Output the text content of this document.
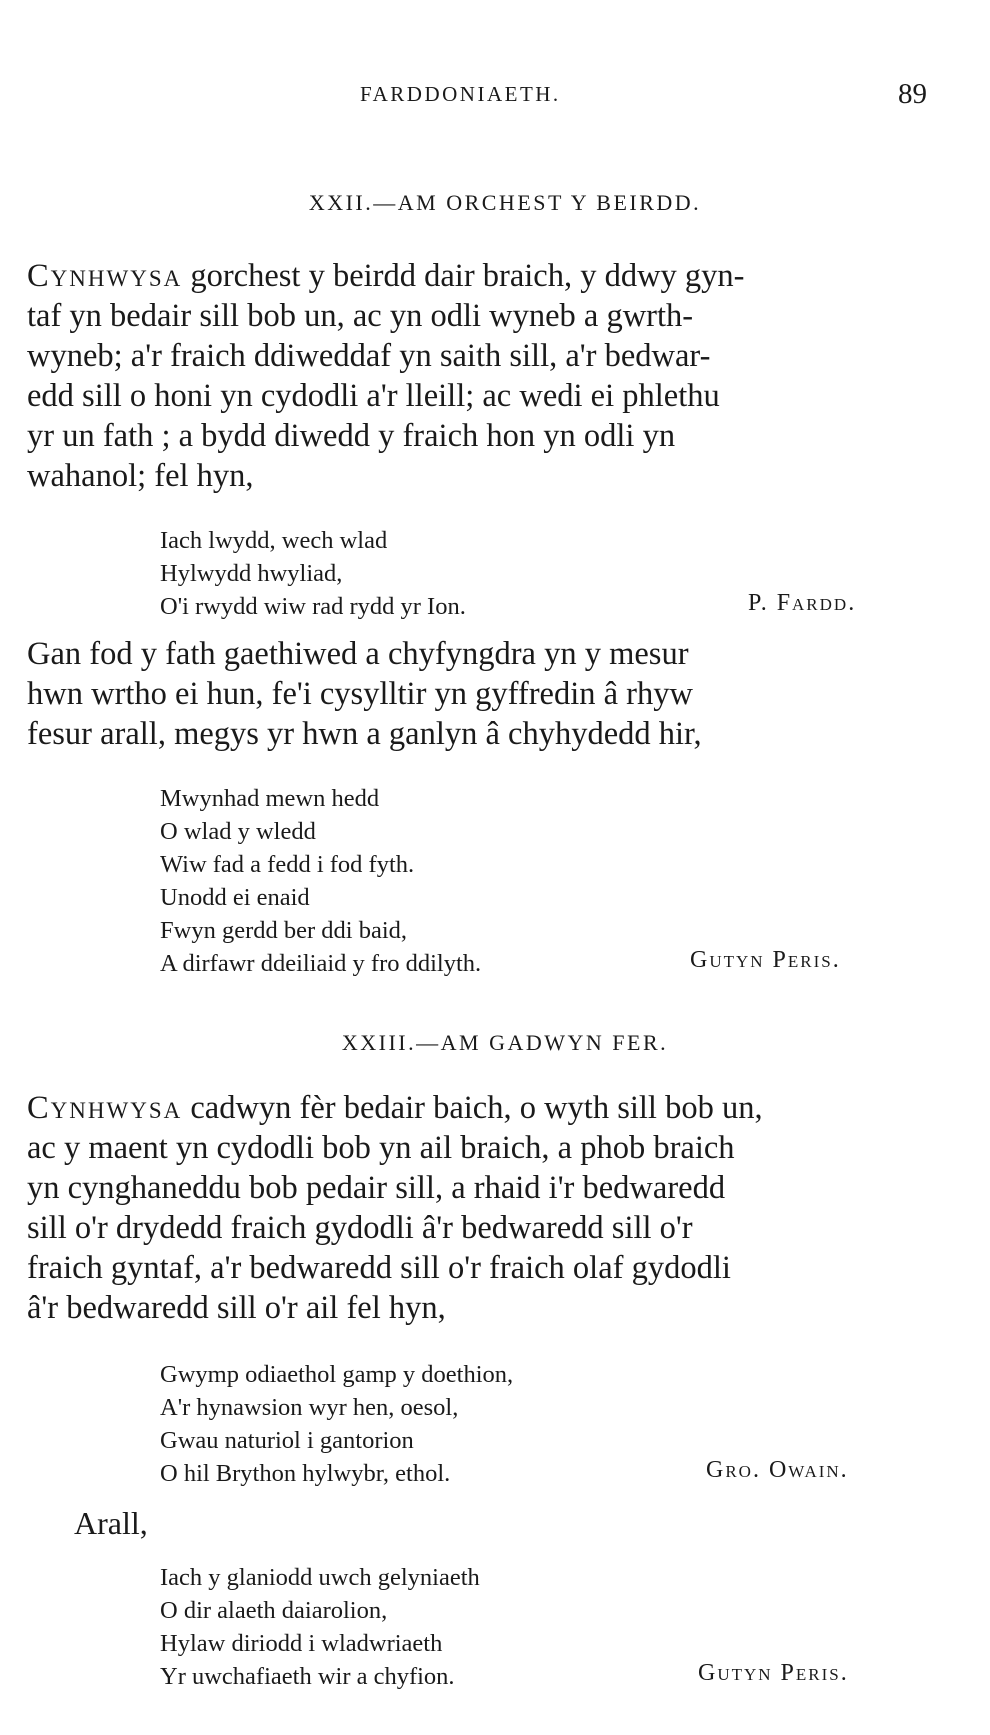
FARDDONIAETH.	89
XXII.—AM ORCHEST Y BEIRDD.
Cynhwysa gorchest y beirdd dair braich, y ddwy gyn-
taf yn bedair sill bob un, ac yn odli wyneb a gwrth-
wyneb; a'r fraich ddiweddaf yn saith sill, a'r bedwar-
edd sill o honi yn cydodli a'r lleill; ac wedi ei phlethu
yr un fath ; a bydd diwedd y fraich hon yn odli yn
wahanol; fel hyn,
Iach lwydd, wech wlad
Hylwydd hwyliad,
O'i rwydd wiw rad rydd yr Ion.	P. Fardd.
Gan fod y fath gaethiwed a chyfyngdra yn y mesur
hwn wrtho ei hun, fe'i cysylltir yn gyffredin â rhyw
fesur arall, megys yr hwn a ganlyn â chyhydedd hir,
Mwynhad mewn hedd
O wlad y wledd
Wiw fad a fedd i fod fyth.
Unodd ei enaid
Fwyn gerdd ber ddi baid,
A dirfawr ddeiliaid y fro ddilyth.	Gutyn Peris.
XXIII.—AM GADWYN FER.
Cynhwysa cadwyn fèr bedair baich, o wyth sill bob un,
ac y maent yn cydodli bob yn ail braich, a phob braich
yn cynghaneddu bob pedair sill, a rhaid i'r bedwaredd
sill o'r drydedd fraich gydodli â'r bedwaredd sill o'r
fraich gyntaf, a'r bedwaredd sill o'r fraich olaf gydodli
â'r bedwaredd sill o'r ail fel hyn,
Gwymp odiaethol gamp y doethion,
A'r hynawsion wyr hen, oesol,
Gwau naturiol i gantorion
O hil Brython hylwybr, ethol.	Gro. Owain.
Arall,
Iach y glaniodd uwch gelyniaeth
O dir alaeth daiarolion,
Hylaw diriodd i wladwriaeth
Yr uwchafiaeth wir a chyfion.	Gutyn Peris.
